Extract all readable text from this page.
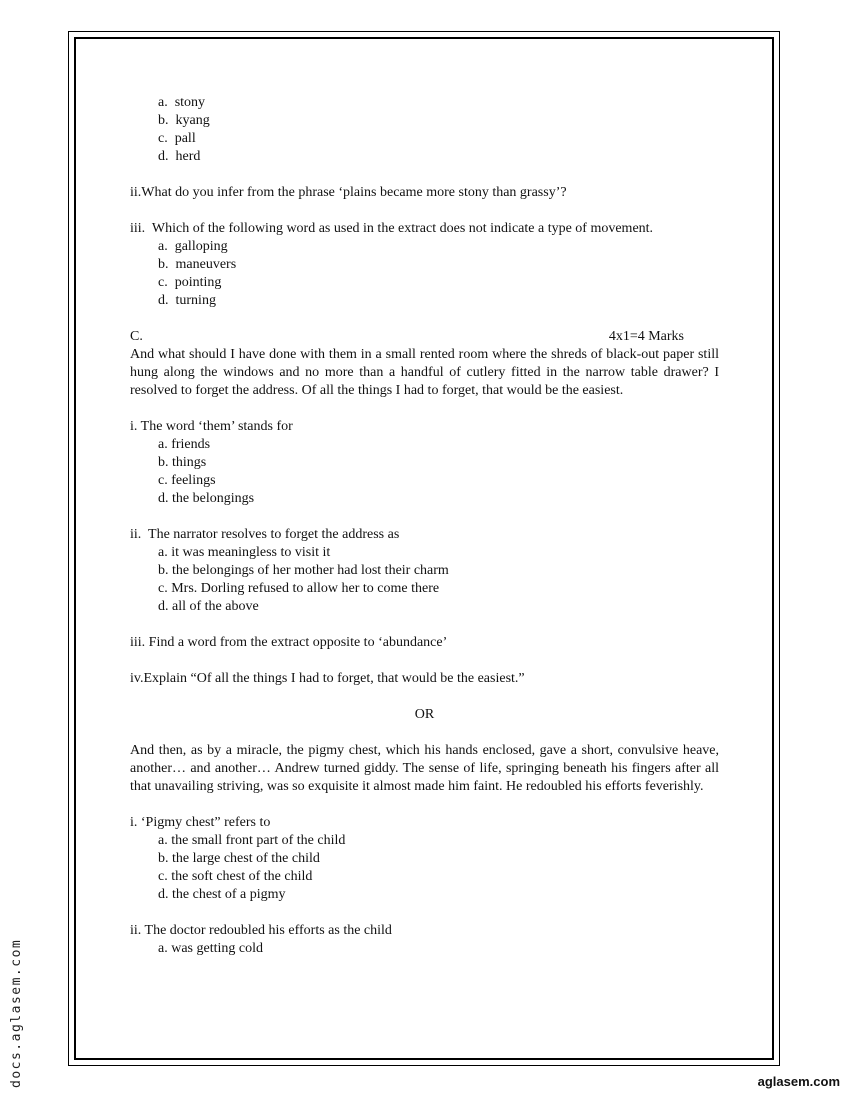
a.  stony

b.  kyang

c.  pall

d.  herd

ii.What do you infer from the phrase ‘plains became more stony than grassy’?

iii.  Which of the following word as used in the extract does not indicate a type of movement.

a.  galloping

b.  maneuvers

c.  pointing

d.  turning

C.	4x1=4 Marks

And what should I have done with them in a small rented room where the shreds of black-out paper still hung along the windows and no more than a handful of cutlery fitted in the narrow table drawer? I resolved to forget the address. Of all the things I had to forget, that would be the easiest.

i. The word ‘them’ stands for

a. friends

b. things

c. feelings

d. the belongings

ii.  The narrator resolves to forget the address as

a. it was meaningless to visit it

b. the belongings of her mother had lost their charm

c. Mrs. Dorling refused to allow her to come there

d. all of the above

iii. Find a word from the extract opposite to ‘abundance’

iv.Explain “Of all the things I had to forget, that would be the easiest.”

OR

And then, as by a miracle, the pigmy chest, which his hands enclosed, gave a short, convulsive heave, another… and another… Andrew turned giddy. The sense of life, springing beneath his fingers after all that unavailing striving, was so exquisite it almost made him faint. He redoubled his efforts feverishly.

i. ‘Pigmy chest” refers to

a. the small front part of the child

b. the large chest of the child

c. the soft chest of the child

d. the chest of a pigmy

ii. The doctor redoubled his efforts as the child

a. was getting cold

docs.aglasem.com	aglasem.com
